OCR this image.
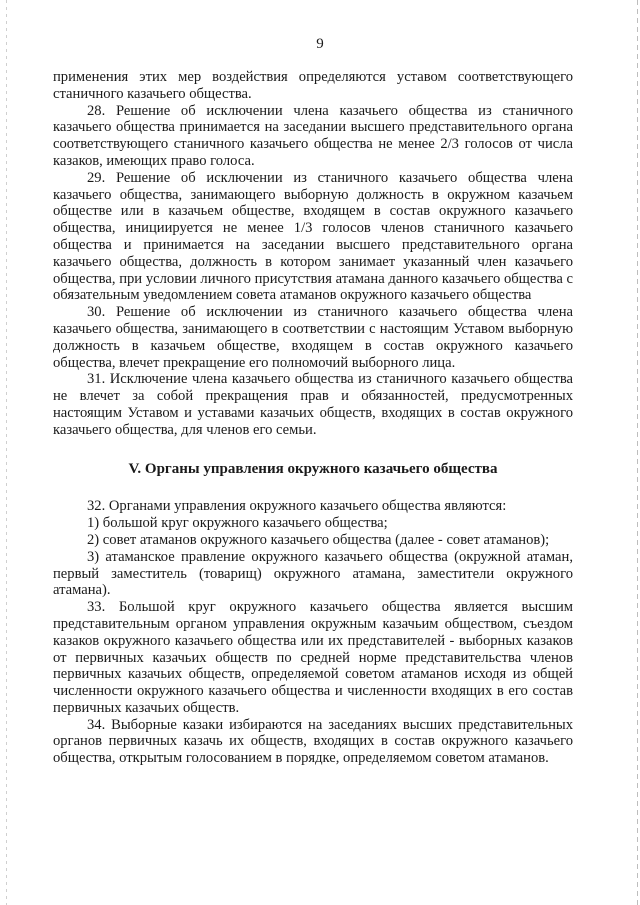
9

применения этих мер воздействия определяются уставом соответствующего станичного казачьего общества.

28. Решение об исключении члена казачьего общества из станичного казачьего общества принимается на заседании высшего представительного органа соответствующего станичного казачьего общества не менее 2/3 голосов от числа казаков, имеющих право голоса.

29. Решение об исключении из станичного казачьего общества члена казачьего общества, занимающего выборную должность в окружном казачьем обществе или в казачьем обществе, входящем в состав окружного казачьего общества, инициируется не менее 1/3 голосов членов станичного казачьего общества и принимается на заседании высшего представительного органа казачьего общества, должность в котором занимает указанный член казачьего общества, при условии личного присутствия атамана данного казачьего общества с обязательным уведомлением совета атаманов окружного казачьего общества

30. Решение об исключении из станичного казачьего общества члена казачьего общества, занимающего в соответствии с настоящим Уставом выборную должность в казачьем обществе, входящем в состав окружного казачьего общества, влечет прекращение его полномочий выборного лица.

31. Исключение члена казачьего общества из станичного казачьего общества не влечет за собой прекращения прав и обязанностей, предусмотренных настоящим Уставом и уставами казачьих обществ, входящих в состав окружного казачьего общества, для членов его семьи.

V. Органы управления окружного казачьего общества

32. Органами управления окружного казачьего общества являются:

1) большой круг окружного казачьего общества;

2) совет атаманов окружного казачьего общества (далее - совет атаманов);

3) атаманское правление окружного казачьего общества (окружной атаман, первый заместитель (товарищ) окружного атамана, заместители окружного атамана).

33. Большой круг окружного казачьего общества является высшим представительным органом управления окружным казачьим обществом, съездом казаков окружного казачьего общества или их представителей - выборных казаков от первичных казачьих обществ по средней норме представительства членов первичных казачьих обществ, определяемой советом атаманов исходя из общей численности окружного казачьего общества и численности входящих в его состав первичных казачьих обществ.

34. Выборные казаки избираются на заседаниях высших представительных органов первичных казачь их обществ, входящих в состав окружного казачьего общества, открытым голосованием в порядке, определяемом советом атаманов.
